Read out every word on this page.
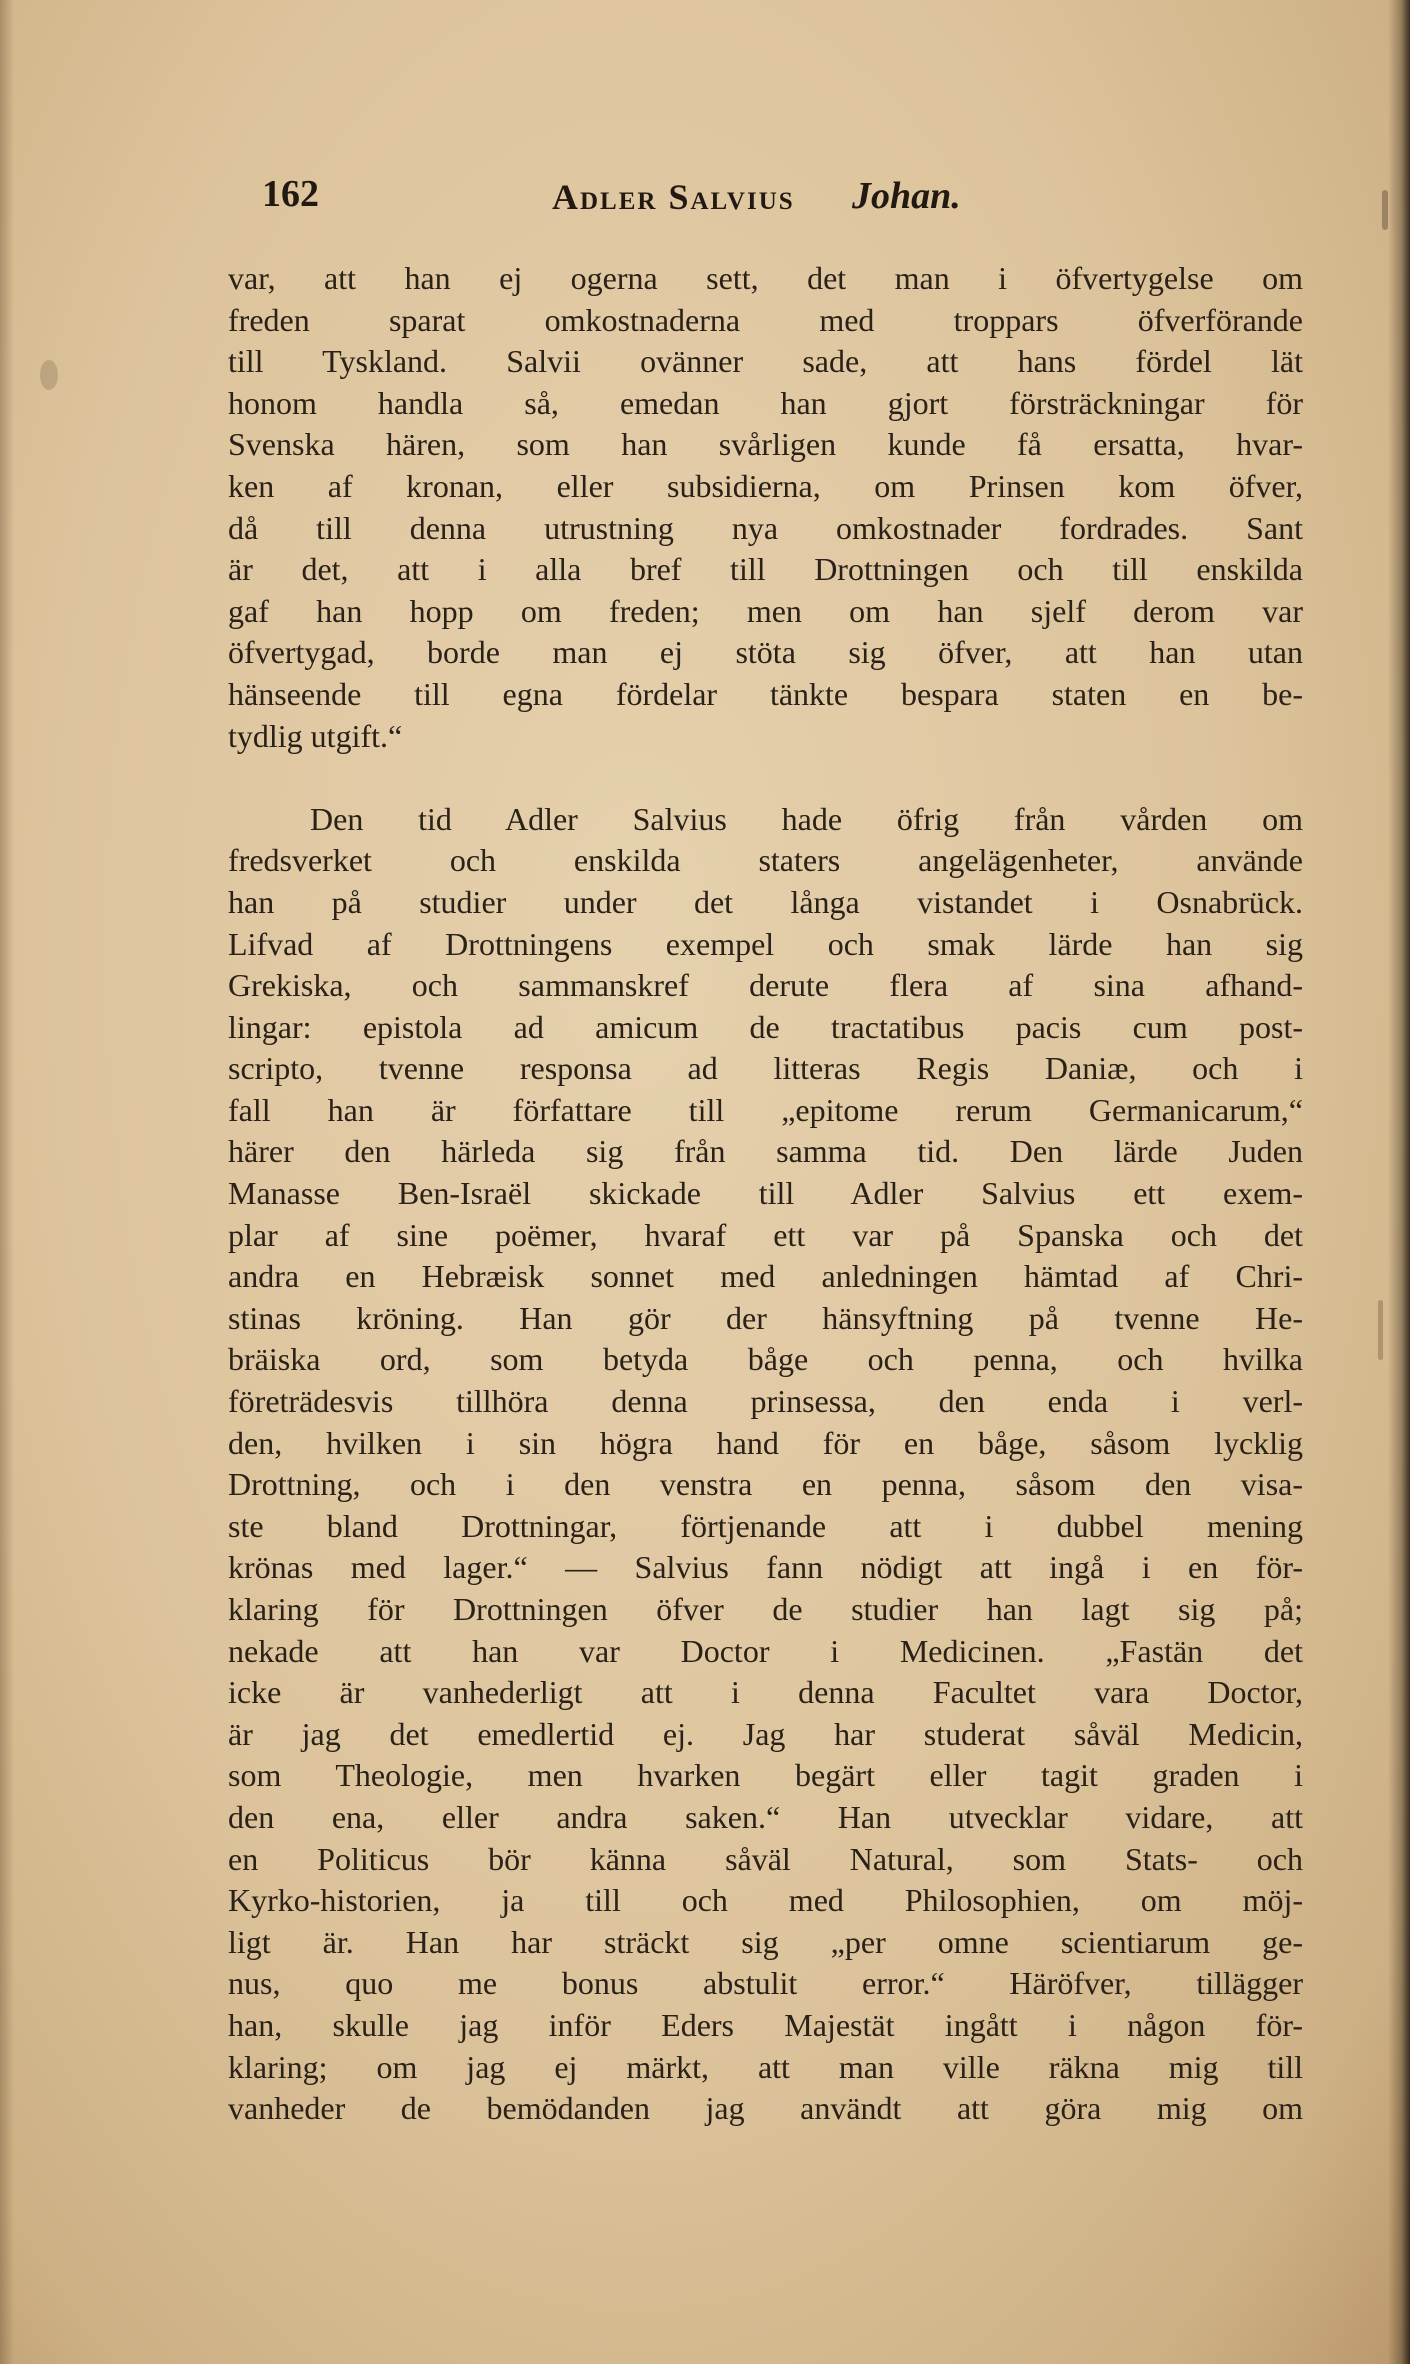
162	Adler Salvius Johan.
var, att han ej ogerna sett, det man i öfvertygelse om
freden sparat omkostnaderna med troppars öfverförande
till Tyskland. Salvii ovänner sade, att hans fördel lät
honom handla så, emedan han gjort försträckningar för
Svenska hären, som han svårligen kunde få ersatta, hvar-
ken af kronan, eller subsidierna, om Prinsen kom öfver,
då till denna utrustning nya omkostnader fordrades. Sant
är det, att i alla bref till Drottningen och till enskilda
gaf han hopp om freden; men om han sjelf derom var
öfvertygad, borde man ej stöta sig öfver, att han utan
hänseende till egna fördelar tänkte bespara staten en be-
tydlig utgift.“
Den tid Adler Salvius hade öfrig från vården om
fredsverket och enskilda staters angelägenheter, använde
han på studier under det långa vistandet i Osnabrück.
Lifvad af Drottningens exempel och smak lärde han sig
Grekiska, och sammanskref derute flera af sina afhand-
lingar: epistola ad amicum de tractatibus pacis cum post-
scripto, tvenne responsa ad litteras Regis Daniæ, och i
fall han är författare till „epitome rerum Germanicarum,“
härer den härleda sig från samma tid. Den lärde Juden
Manasse Ben-Israël skickade till Adler Salvius ett exem-
plar af sine poëmer, hvaraf ett var på Spanska och det
andra en Hebræisk sonnet med anledningen hämtad af Chri-
stinas kröning. Han gör der hänsyftning på tvenne He-
bräiska ord, som betyda båge och penna, och hvilka
företrädesvis tillhöra denna prinsessa, den enda i verl-
den, hvilken i sin högra hand för en båge, såsom lycklig
Drottning, och i den venstra en penna, såsom den visa-
ste bland Drottningar, förtjenande att i dubbel mening
krönas med lager.“ — Salvius fann nödigt att ingå i en för-
klaring för Drottningen öfver de studier han lagt sig på;
nekade att han var Doctor i Medicinen. „Fastän det
icke är vanhederligt att i denna Facultet vara Doctor,
är jag det emedlertid ej. Jag har studerat såväl Medicin,
som Theologie, men hvarken begärt eller tagit graden i
den ena, eller andra saken.“ Han utvecklar vidare, att
en Politicus bör känna såväl Natural, som Stats- och
Kyrko-historien, ja till och med Philosophien, om möj-
ligt är. Han har sträckt sig „per omne scientiarum ge-
nus, quo me bonus abstulit error.“ Häröfver, tillägger
han, skulle jag inför Eders Majestät ingått i någon för-
klaring; om jag ej märkt, att man ville räkna mig till
vanheder de bemödanden jag användt att göra mig om
